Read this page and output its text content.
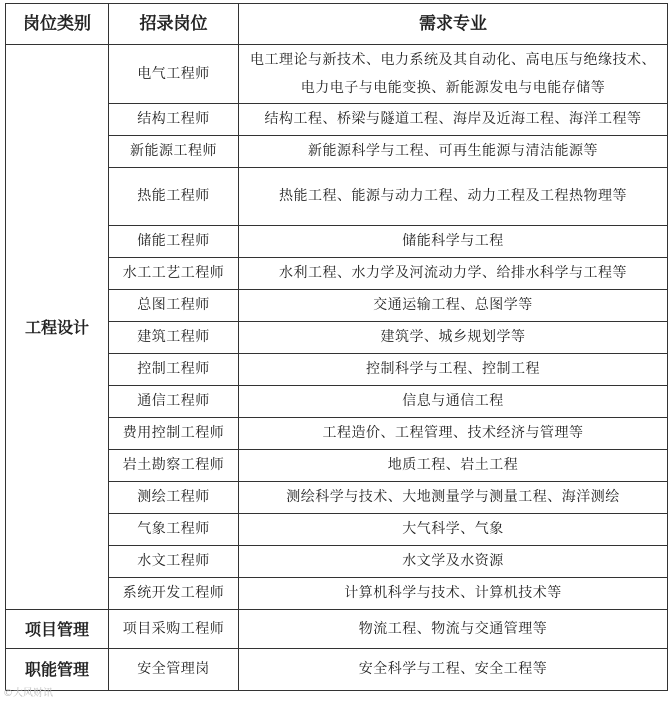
岗位类别	招录岗位	需求专业
工程设计	电气工程师	电工理论与新技术、电力系统及其自动化、高电压与绝缘技术、电力电子与电能变换、新能源发电与电能存储等
	结构工程师	结构工程、桥梁与隧道工程、海岸及近海工程、海洋工程等
	新能源工程师	新能源科学与工程、可再生能源与清洁能源等
	热能工程师	热能工程、能源与动力工程、动力工程及工程热物理等
	储能工程师	储能科学与工程
	水工工艺工程师	水利工程、水力学及河流动力学、给排水科学与工程等
	总图工程师	交通运输工程、总图学等
	建筑工程师	建筑学、城乡规划学等
	控制工程师	控制科学与工程、控制工程
	通信工程师	信息与通信工程
	费用控制工程师	工程造价、工程管理、技术经济与管理等
	岩土勘察工程师	地质工程、岩土工程
	测绘工程师	测绘科学与技术、大地测量学与测量工程、海洋测绘
	气象工程师	大气科学、气象
	水文工程师	水文学及水资源
	系统开发工程师	计算机科学与技术、计算机技术等
项目管理	项目采购工程师	物流工程、物流与交通管理等
职能管理	安全管理岗	安全科学与工程、安全工程等
©大风财讯
